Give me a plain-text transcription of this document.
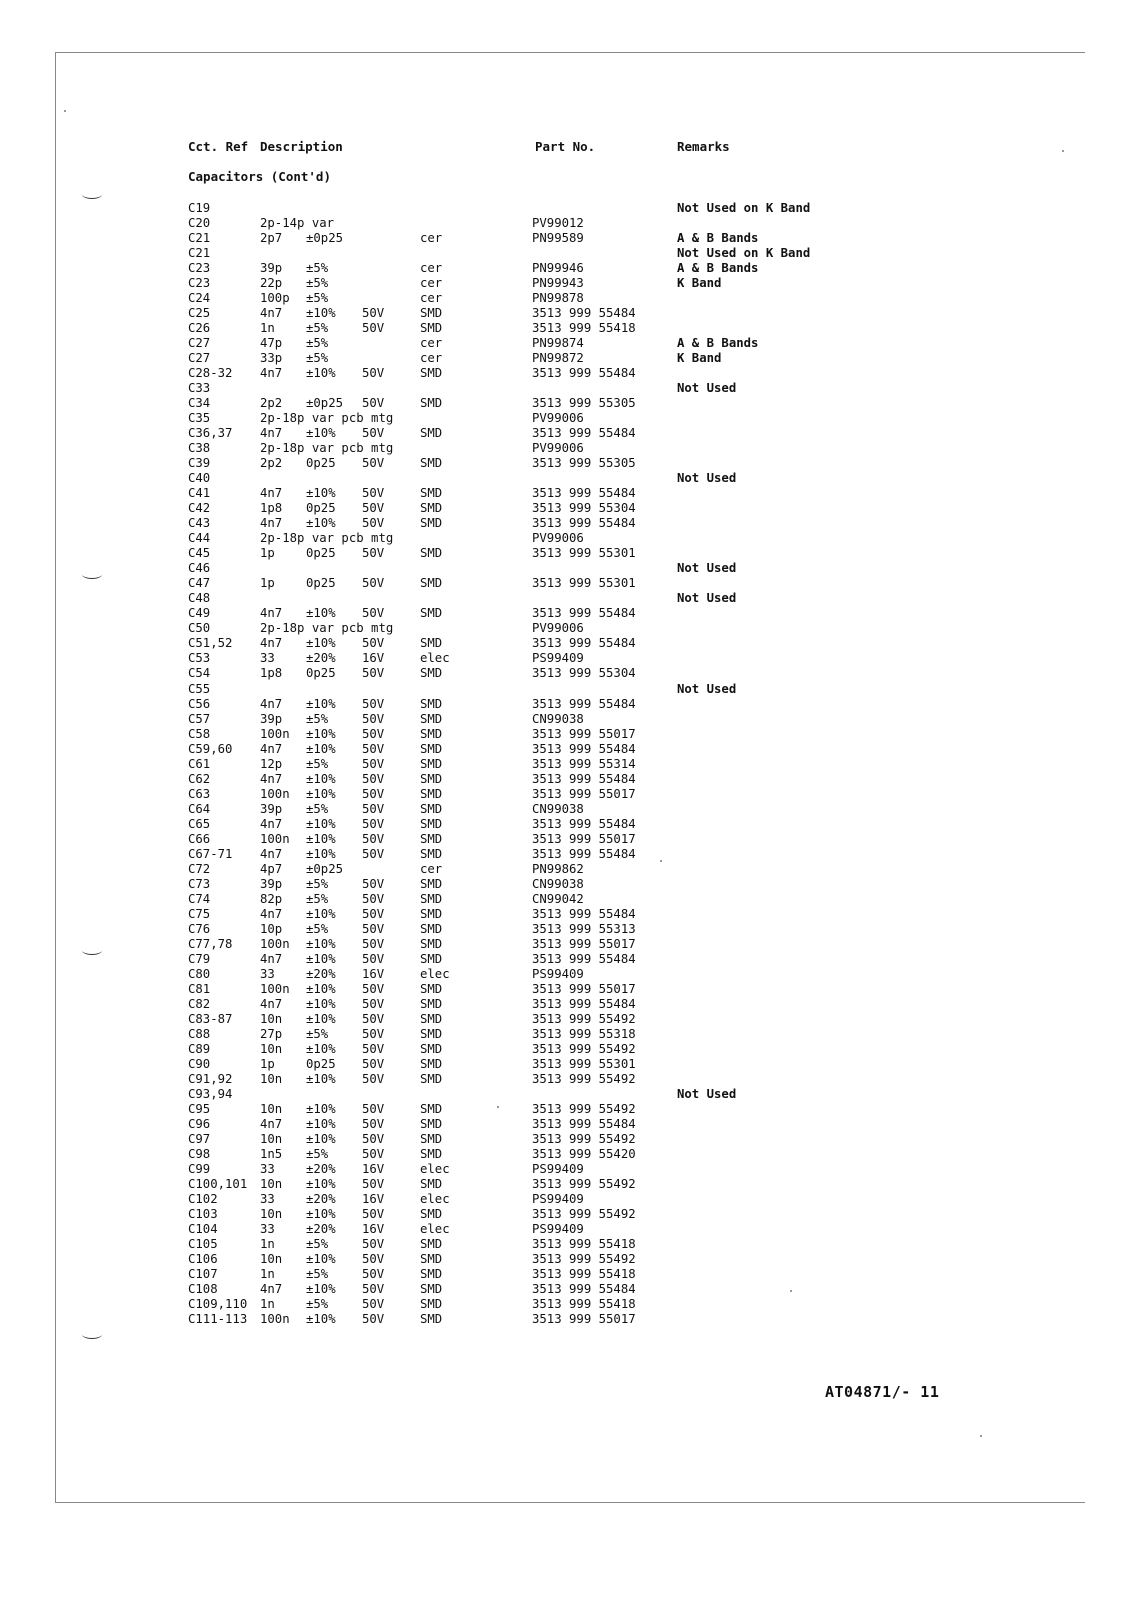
Cct. Ref Description	Part No.	Remarks
Capacitors (Cont'd)
C19	Not Used on K Band
C20	2p-14p var	PV99012
C21	2p7 ±0p25	cer	PN99589	A & B Bands
C21	Not Used on K Band
C23	39p ±5%	cer	PN99946	A & B Bands
C23	22p ±5%	cer	PN99943	K Band
C24	100p ±5%	cer	PN99878
C25	4n7 ±10% 50V	SMD	3513 999 55484
C26	1n	±5%	50V	SMD	3513 999 55418
C27	47p ±5%	cer	PN99874	A & B Bands
C27	33p ±5%	cer	PN99872	K Band
C28-32 4n7 ±10% 50V	SMD	3513 999 55484
C33	Not Used
C34	2p2 ±0p25 50V	SMD	3513 999 55305
C35	2p-18p var pcb mtg	PV99006
C36,37 4n7 ±10% 50V	SMD	3513 999 55484
C38	2p-18p var pcb mtg	PV99006
C39	2p2 0p25 50V	SMD	3513 999 55305
C40	Not Used
C41	4n7 ±10% 50V	SMD	3513 999 55484
C42	1p8 0p25 50V	SMD	3513 999 55304
C43	4n7 ±10% 50V	SMD	3513 999 55484
C44	2p-18p var pcb mtg	PV99006
C45	1p	0p25 50V	SMD	3513 999 55301
C46	Not Used
C47	1p	0p25 50V	SMD	3513 999 55301
C48	Not Used
C49	4n7 ±10% 50V	SMD	3513 999 55484
C50	2p-18p var pcb mtg	PV99006
C51,52 4n7 ±10% 50V	SMD	3513 999 55484
C53	33	±20% 16V	elec	PS99409
C54	1p8 0p25 50V	SMD	3513 999 55304
C55	Not Used
C56	4n7 ±10% 50V	SMD	3513 999 55484
C57	39p ±5%	50V	SMD	CN99038
C58	100n ±10% 50V	SMD	3513 999 55017
C59,60 4n7 ±10% 50V	SMD	3513 999 55484
C61	12p ±5%	50V	SMD	3513 999 55314
C62	4n7 ±10% 50V	SMD	3513 999 55484
C63	100n ±10% 50V	SMD	3513 999 55017
C64	39p ±5%	50V	SMD	CN99038
C65	4n7 ±10% 50V	SMD	3513 999 55484
C66	100n ±10% 50V	SMD	3513 999 55017
C67-71 4n7 ±10% 50V	SMD	3513 999 55484
C72	4p7 ±0p25	cer	PN99862
C73	39p ±5%	50V	SMD	CN99038
C74	82p ±5%	50V	SMD	CN99042
C75	4n7 ±10% 50V	SMD	3513 999 55484
C76	10p ±5%	50V	SMD	3513 999 55313
C77,78 100n ±10% 50V	SMD	3513 999 55017
C79	4n7 ±10% 50V	SMD	3513 999 55484
C80	33	±20% 16V	elec	PS99409
C81	100n ±10% 50V	SMD	3513 999 55017
C82	4n7 ±10% 50V	SMD	3513 999 55484
C83-87 10n ±10% 50V	SMD	3513 999 55492
C88	27p ±5%	50V	SMD	3513 999 55318
C89	10n ±10% 50V	SMD	3513 999 55492
C90	1p	0p25 50V	SMD	3513 999 55301
C91,92 10n ±10% 50V	SMD	3513 999 55492
C93,94	Not Used
C95	10n ±10% 50V	SMD	3513 999 55492
C96	4n7 ±10% 50V	SMD	3513 999 55484
C97	10n ±10% 50V	SMD	3513 999 55492
C98	1n5 ±5%	50V	SMD	3513 999 55420
C99	33	±20% 16V	elec	PS99409
C100,101 10n ±10% 50V	SMD	3513 999 55492
C102	33	±20% 16V	elec	PS99409
C103	10n ±10% 50V	SMD	3513 999 55492
C104	33	±20% 16V	elec	PS99409
C105	1n	±5%	50V	SMD	3513 999 55418
C106	10n ±10% 50V	SMD	3513 999 55492
C107	1n	±5%	50V	SMD	3513 999 55418
C108	4n7 ±10% 50V	SMD	3513 999 55484
C109,110 1n	±5%	50V	SMD	3513 999 55418
C111-113 100n ±10% 50V	SMD	3513 999 55017
AT04871/- 11
